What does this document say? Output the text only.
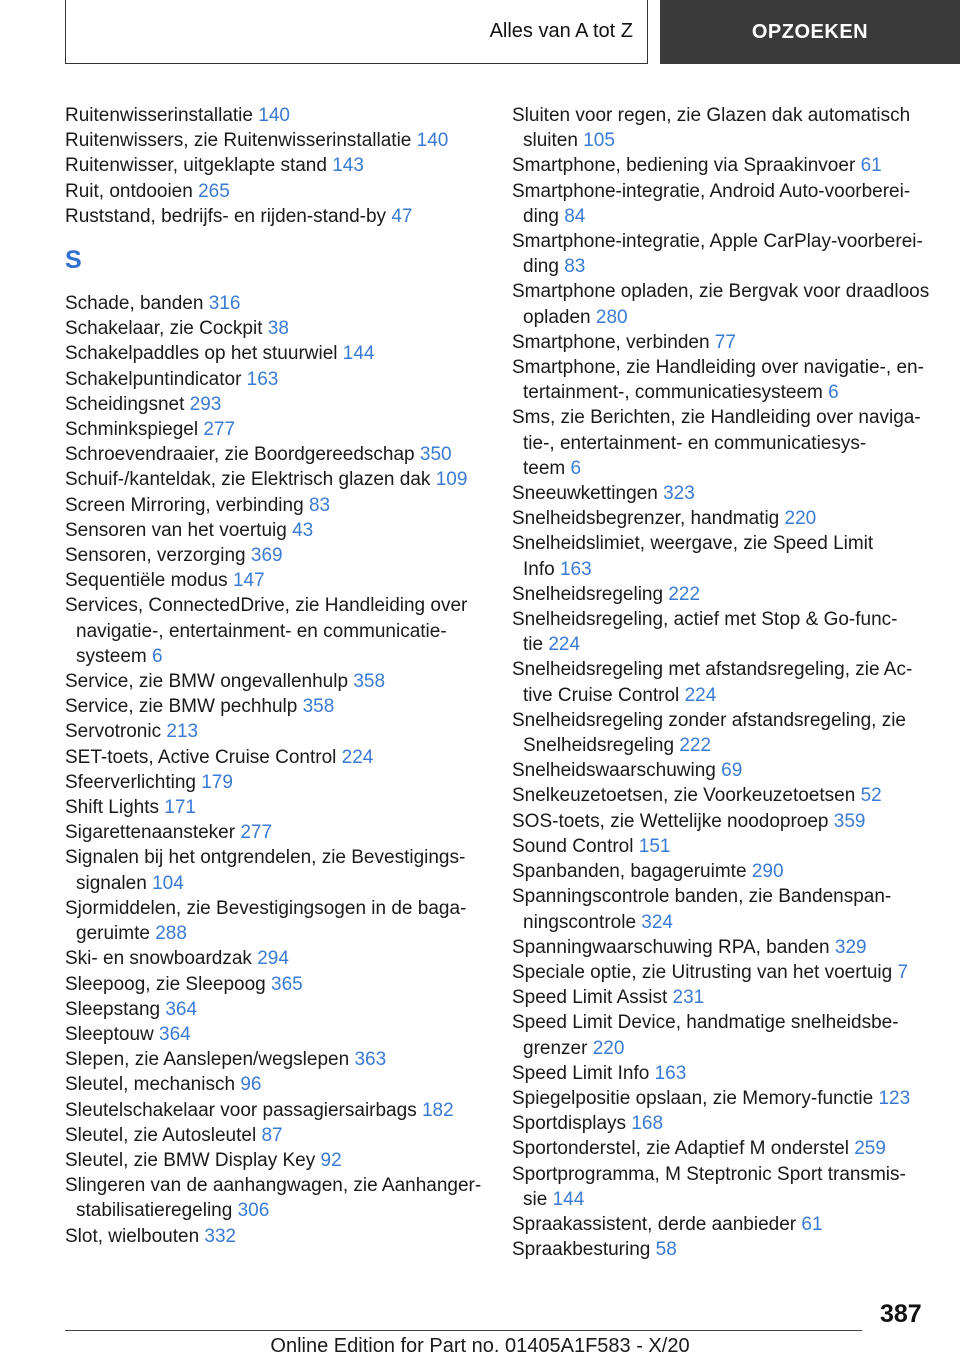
Alles van A tot Z	OPZOEKEN
Ruitenwisserinstallatie 140
Ruitenwissers, zie Ruitenwisserinstallatie 140
Ruitenwisser, uitgeklapte stand 143
Ruit, ontdooien 265
Ruststand, bedrijfs- en rijden-stand-by 47
S
Schade, banden 316
Schakelaar, zie Cockpit 38
Schakelpaddles op het stuurwiel 144
Schakelpuntindicator 163
Scheidingsnet 293
Schminkspiegel 277
Schroevendraaier, zie Boordgereedschap 350
Schuif-/kanteldak, zie Elektrisch glazen dak 109
Screen Mirroring, verbinding 83
Sensoren van het voertuig 43
Sensoren, verzorging 369
Sequentiële modus 147
Services, ConnectedDrive, zie Handleiding over
navigatie-, entertainment- en communicatie-
systeem 6
Service, zie BMW ongevallenhulp 358
Service, zie BMW pechhulp 358
Servotronic 213
SET-toets, Active Cruise Control 224
Sfeerverlichting 179
Shift Lights 171
Sigarettenaansteker 277
Signalen bij het ontgrendelen, zie Bevestigings-
signalen 104
Sjormiddelen, zie Bevestigingsogen in de baga-
geruimte 288
Ski- en snowboardzak 294
Sleepoog, zie Sleepoog 365
Sleepstang 364
Sleeptouw 364
Slepen, zie Aanslepen/wegslepen 363
Sleutel, mechanisch 96
Sleutelschakelaar voor passagiersairbags 182
Sleutel, zie Autosleutel 87
Sleutel, zie BMW Display Key 92
Slingeren van de aanhangwagen, zie Aanhanger-
stabilisatieregeling 306
Slot, wielbouten 332
Sluiten voor regen, zie Glazen dak automatisch
sluiten 105
Smartphone, bediening via Spraakinvoer 61
Smartphone-integratie, Android Auto-voorberei-
ding 84
Smartphone-integratie, Apple CarPlay-voorberei-
ding 83
Smartphone opladen, zie Bergvak voor draadloos
opladen 280
Smartphone, verbinden 77
Smartphone, zie Handleiding over navigatie-, en-
tertainment-, communicatiesysteem 6
Sms, zie Berichten, zie Handleiding over naviga-
tie-, entertainment- en communicatiesys-
teem 6
Sneeuwkettingen 323
Snelheidsbegrenzer, handmatig 220
Snelheidslimiet, weergave, zie Speed Limit
Info 163
Snelheidsregeling 222
Snelheidsregeling, actief met Stop & Go-func-
tie 224
Snelheidsregeling met afstandsregeling, zie Ac-
tive Cruise Control 224
Snelheidsregeling zonder afstandsregeling, zie
Snelheidsregeling 222
Snelheidswaarschuwing 69
Snelkeuzetoetsen, zie Voorkeuzetoetsen 52
SOS-toets, zie Wettelijke noodoproep 359
Sound Control 151
Spanbanden, bagageruimte 290
Spanningscontrole banden, zie Bandenspan-
ningscontrole 324
Spanningwaarschuwing RPA, banden 329
Speciale optie, zie Uitrusting van het voertuig 7
Speed Limit Assist 231
Speed Limit Device, handmatige snelheidsbe-
grenzer 220
Speed Limit Info 163
Spiegelpositie opslaan, zie Memory-functie 123
Sportdisplays 168
Sportonderstel, zie Adaptief M onderstel 259
Sportprogramma, M Steptronic Sport transmis-
sie 144
Spraakassistent, derde aanbieder 61
Spraakbesturing 58
387
Online Edition for Part no. 01405A1F583 - X/20
